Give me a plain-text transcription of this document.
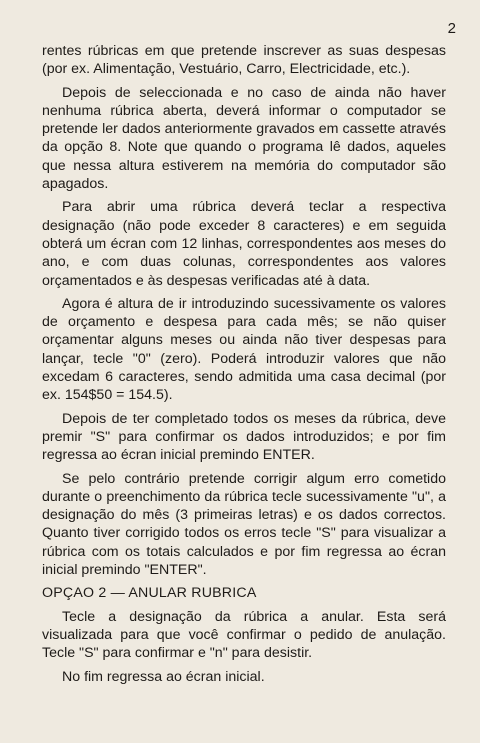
2

rentes rúbricas em que pretende inscrever as suas despesas (por ex. Alimentação, Vestuário, Carro, Electricidade, etc.).

Depois de seleccionada e no caso de ainda não haver nenhuma rúbrica aberta, deverá informar o computador se pretende ler dados anteriormente gravados em cassette através da opção 8. Note que quando o programa lê dados, aqueles que nessa altura estiverem na memória do computador são apagados.

Para abrir uma rúbrica deverá teclar a respectiva designação (não pode exceder 8 caracteres) e em seguida obterá um écran com 12 linhas, correspondentes aos meses do ano, e com duas colunas, correspondentes aos valores orçamentados e às despesas verificadas até à data.

Agora é altura de ir introduzindo sucessivamente os valores de orçamento e despesa para cada mês; se não quiser orçamentar alguns meses ou ainda não tiver despesas para lançar, tecle "0" (zero). Poderá introduzir valores que não excedam 6 caracteres, sendo admitida uma casa decimal (por ex. 154$50 = 154.5).

Depois de ter completado todos os meses da rúbrica, deve premir "S" para confirmar os dados introduzidos; e por fim regressa ao écran inicial premindo ENTER.

Se pelo contrário pretende corrigir algum erro cometido durante o preenchimento da rúbrica tecle sucessivamente "u", a designação do mês (3 primeiras letras) e os dados correctos. Quanto tiver corrigido todos os erros tecle "S" para visualizar a rúbrica com os totais calculados e por fim regressa ao écran inicial premindo "ENTER".

OPÇAO 2 — ANULAR RUBRICA

Tecle a designação da rúbrica a anular. Esta será visualizada para que você confirmar o pedido de anulação. Tecle "S" para confirmar e "n" para desistir.

No fim regressa ao écran inicial.
